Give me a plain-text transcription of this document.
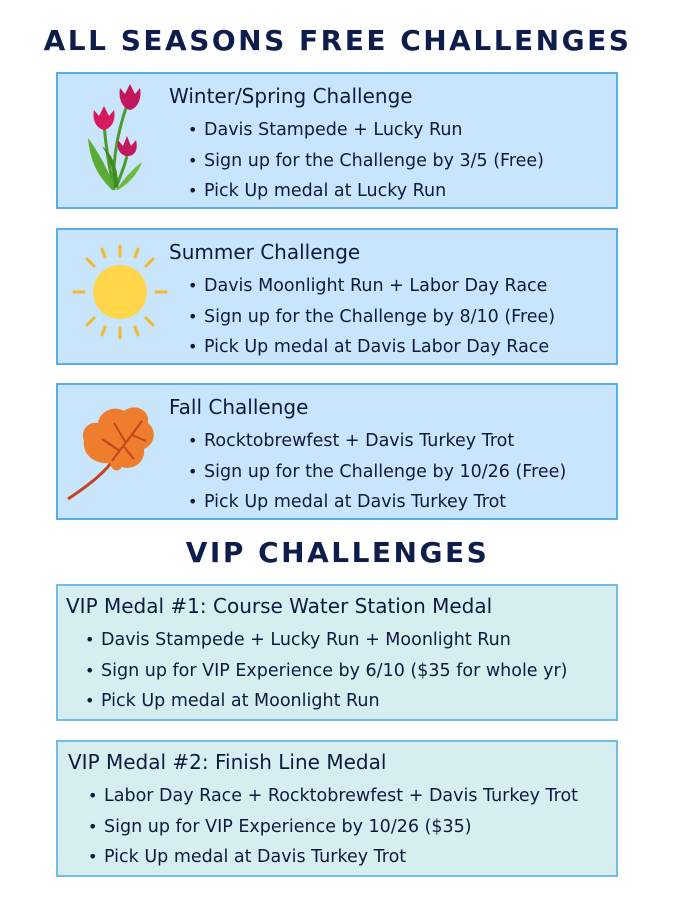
ALL SEASONS FREE CHALLENGES
Winter/Spring Challenge
• Davis Stampede + Lucky Run
• Sign up for the Challenge by 3/5 (Free)
• Pick Up medal at Lucky Run
Summer Challenge
• Davis Moonlight Run + Labor Day Race
• Sign up for the Challenge by 8/10 (Free)
• Pick Up medal at Davis Labor Day Race
Fall Challenge
• Rocktobrewfest + Davis Turkey Trot
• Sign up for the Challenge by 10/26 (Free)
• Pick Up medal at Davis Turkey Trot
VIP CHALLENGES
VIP Medal #1: Course Water Station Medal
• Davis Stampede + Lucky Run + Moonlight Run
• Sign up for VIP Experience by 6/10 ($35 for whole yr)
• Pick Up medal at Moonlight Run
VIP Medal #2: Finish Line Medal
• Labor Day Race + Rocktobrewfest + Davis Turkey Trot
• Sign up for VIP Experience by 10/26 ($35)
• Pick Up medal at Davis Turkey Trot
